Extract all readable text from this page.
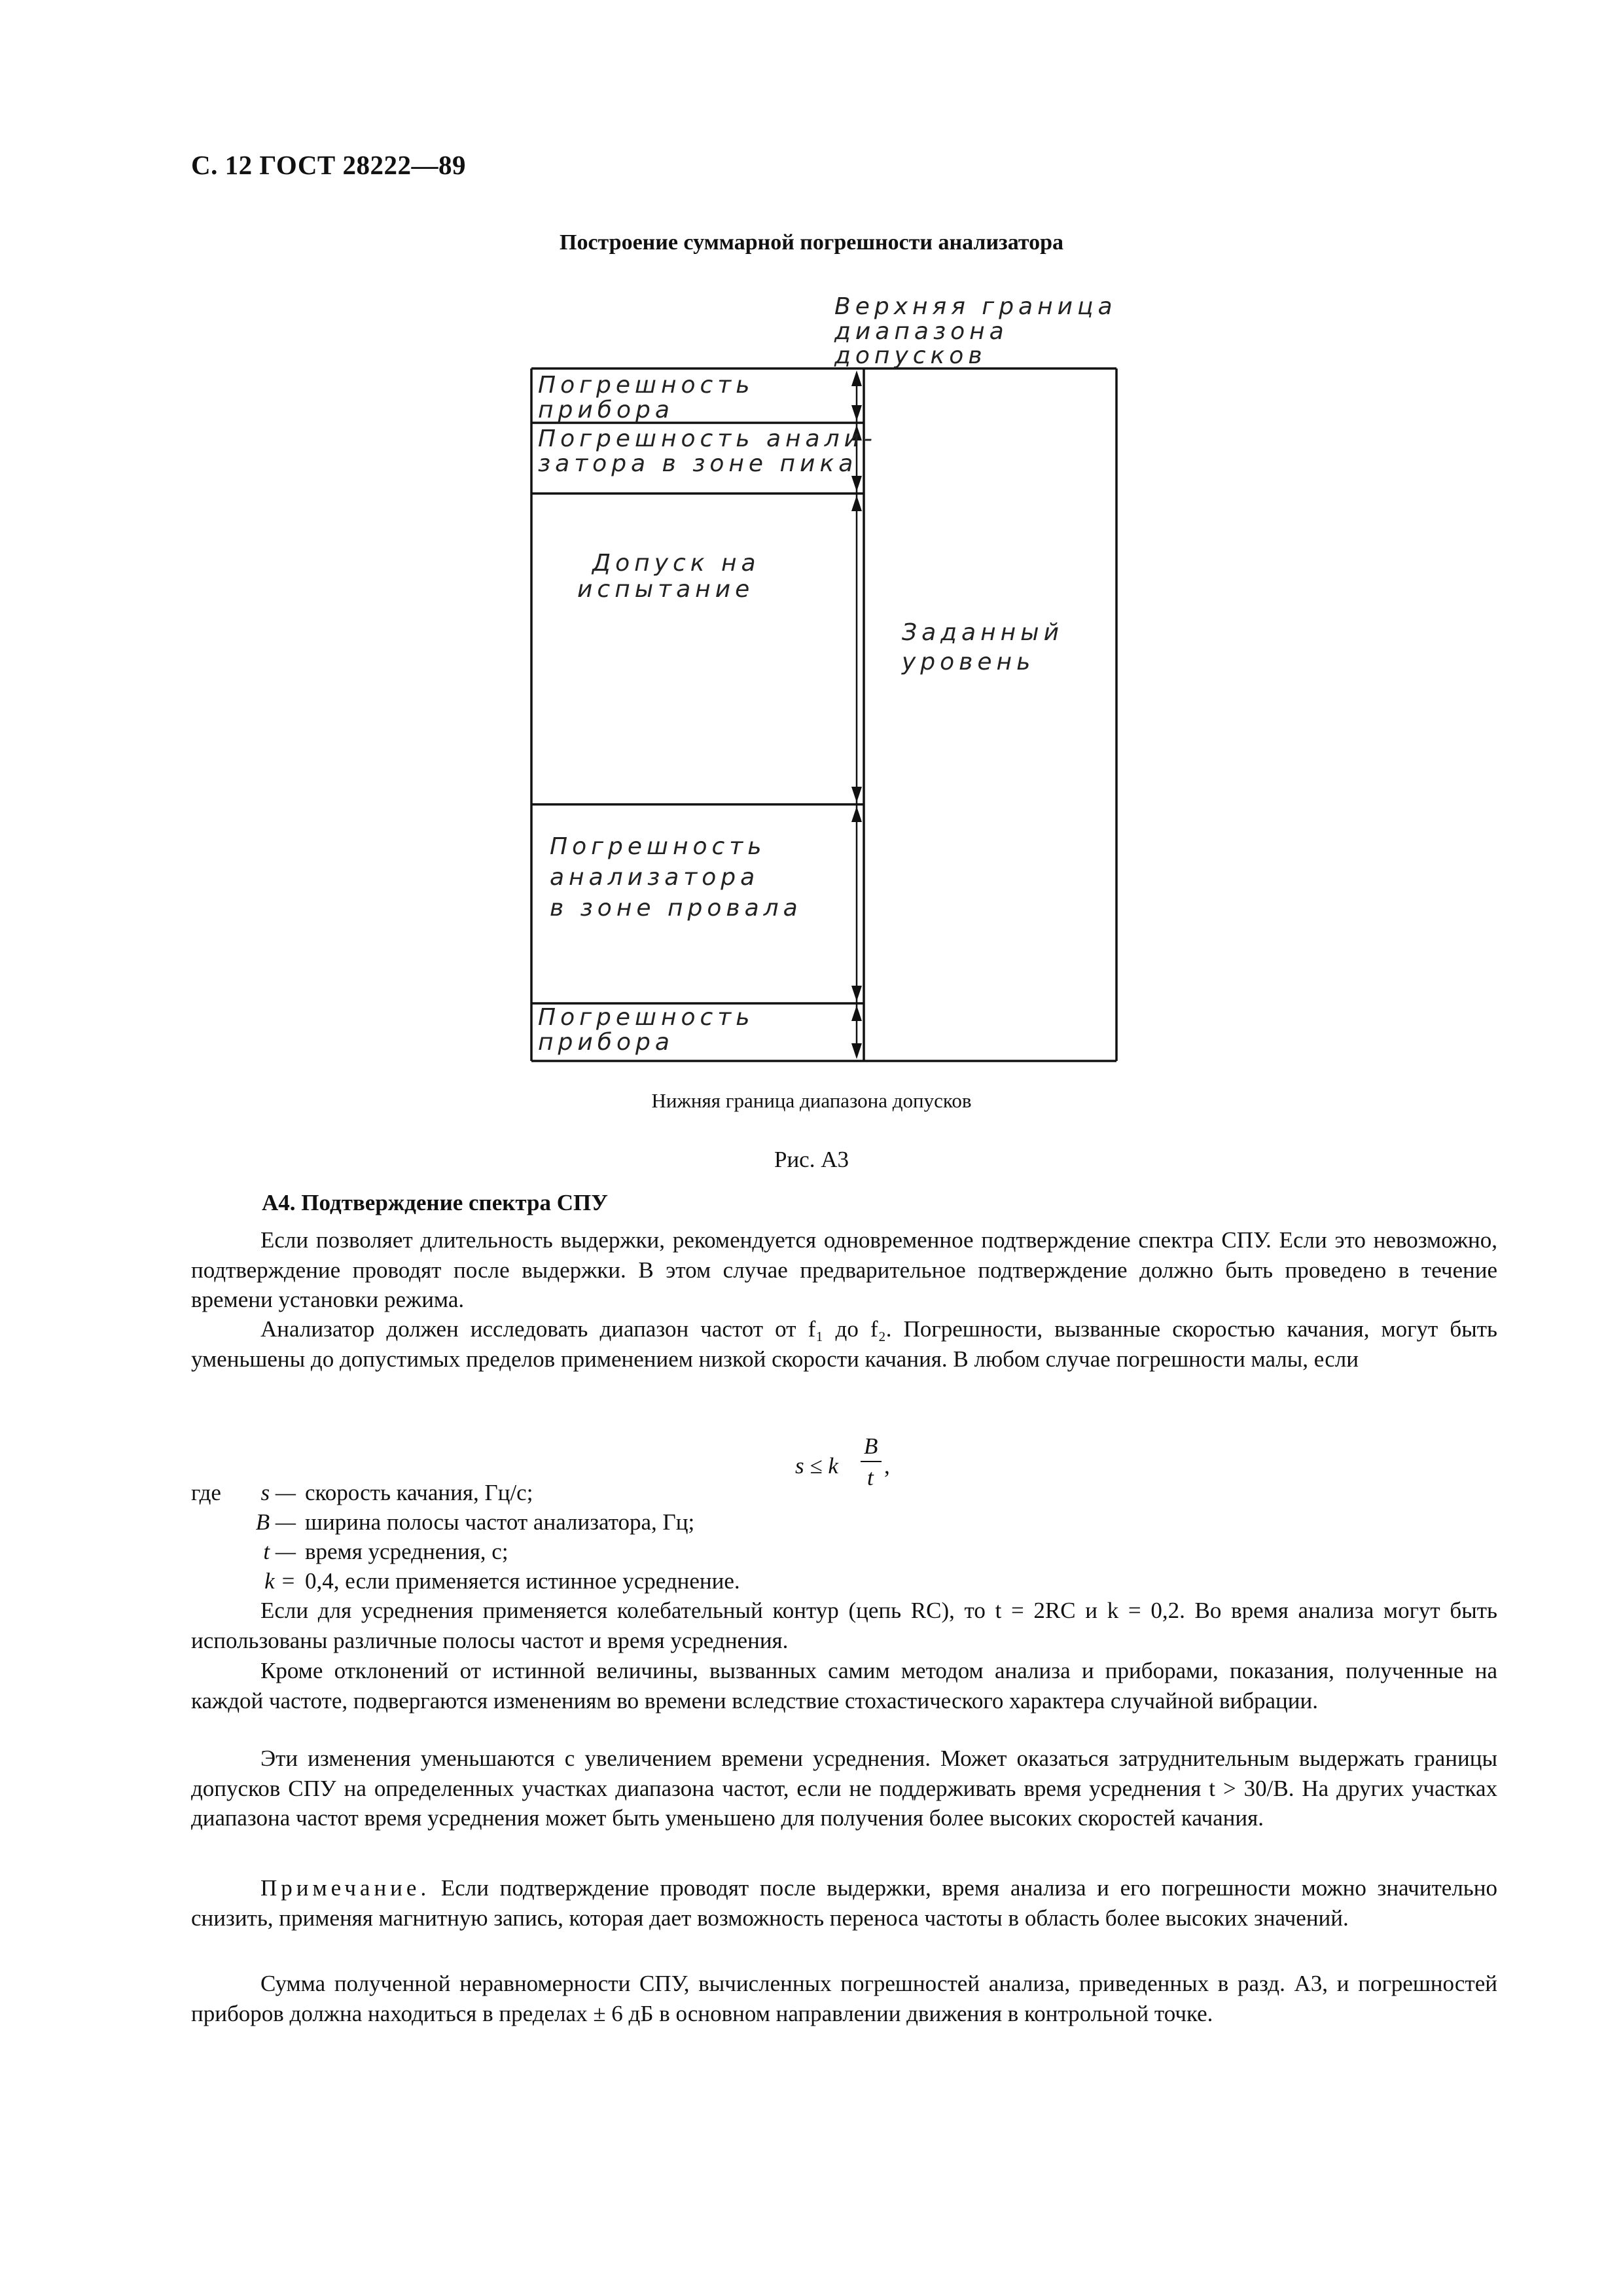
С. 12 ГОСТ 28222—89
Построение суммарной погрешности анализатора
Верхняя граница
диапазона
допусков
Погрешность
прибора
Погрешность анали-
затора в зоне пика
Допуск на
испытание
Погрешность
анализатора
в зоне провала
Погрешность
прибора
Заданный
уровень
Нижняя граница диапазона допусков
Рис. А3
А4. Подтверждение спектра СПУ

Если позволяет длительность выдержки, рекомендуется одновременное подтверждение спектра СПУ. Если это невозможно, подтверждение проводят после выдержки. В этом случае предварительное подтверждение должно быть проведено в течение времени установки режима.

Анализатор должен исследовать диапазон частот от f₁ до f₂. Погрешности, вызванные скоростью качания, могут быть уменьшены до допустимых пределов применением низкой скорости качания. В любом случае погрешности малы, если

s ≤ k
B
t ,
где	s — скорость качания, Гц/с;
B — ширина полосы частот анализатора, Гц;
t — время усреднения, с;
k = 0,4, если применяется истинное усреднение.

Если для усреднения применяется колебательный контур (цепь RC), то t = 2RC и k = 0,2. Во время анализа могут быть использованы различные полосы частот и время усреднения.

Кроме отклонений от истинной величины, вызванных самим методом анализа и приборами, показания, полученные на каждой частоте, подвергаются изменениям во времени вследствие стохастического характера случайной вибрации.

Эти изменения уменьшаются с увеличением времени усреднения. Может оказаться затруднительным выдержать границы допусков СПУ на определенных участках диапазона частот, если не поддерживать время усреднения t > 30/B. На других участках диапазона частот время усреднения может быть уменьшено для получения более высоких скоростей качания.

Примечание. Если подтверждение проводят после выдержки, время анализа и его погрешности можно значительно снизить, применяя магнитную запись, которая дает возможность переноса частоты в область более высоких значений.

Сумма полученной неравномерности СПУ, вычисленных погрешностей анализа, приведенных в разд. А3, и погрешностей приборов должна находиться в пределах ± 6 дБ в основном направлении движения в контрольной точке.
